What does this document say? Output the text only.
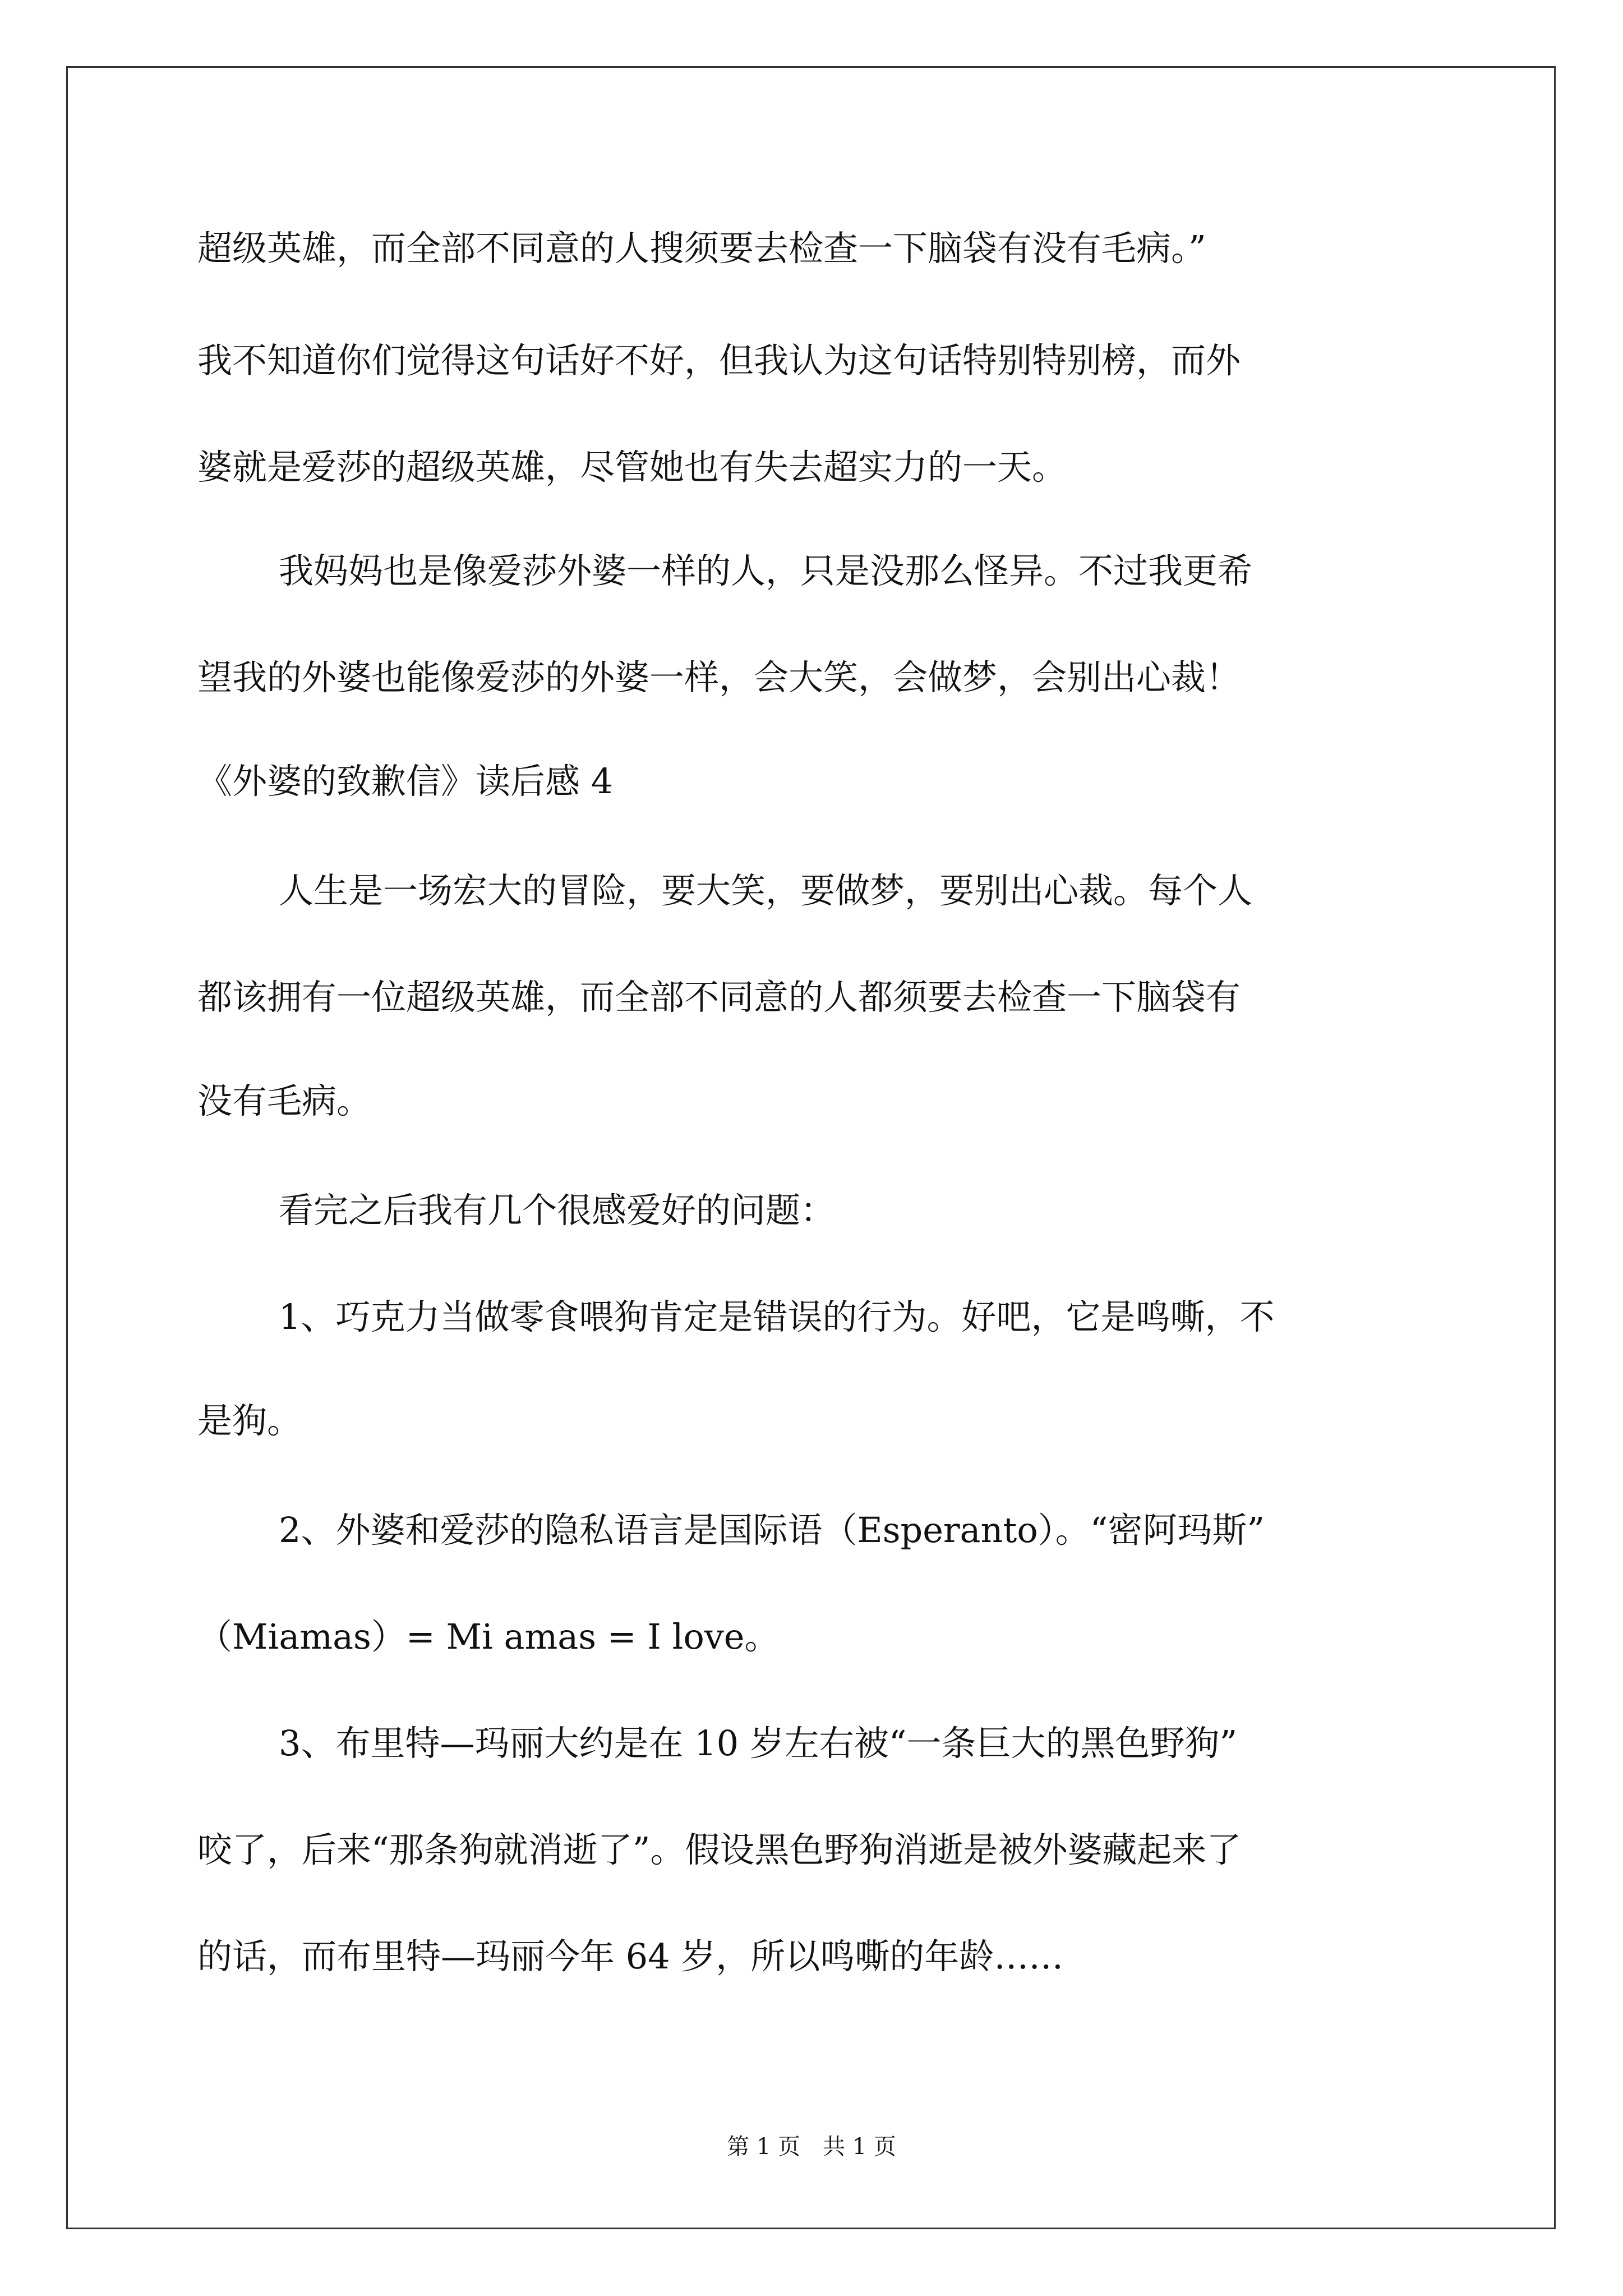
超级英雄，而全部不同意的人搜须要去检查一下脑袋有没有毛病。”
我不知道你们觉得这句话好不好，但我认为这句话特别特别榜，而外
婆就是爱莎的超级英雄，尽管她也有失去超实力的一天。
我妈妈也是像爱莎外婆一样的人，只是没那么怪异。不过我更希
望我的外婆也能像爱莎的外婆一样，会大笑，会做梦，会别出心裁！
《外婆的致歉信》读后感 4
人生是一场宏大的冒险，要大笑，要做梦，要别出心裁。每个人
都该拥有一位超级英雄，而全部不同意的人都须要去检查一下脑袋有
没有毛病。
看完之后我有几个很感爱好的问题：
1、巧克力当做零食喂狗肯定是错误的行为。好吧，它是鸣嘶，不
是狗。
2、外婆和爱莎的隐私语言是国际语（Esperanto）。“密阿玛斯”
（Miamas）= Mi amas = I love。
3、布里特—玛丽大约是在 10 岁左右被“一条巨大的黑色野狗”
咬了，后来“那条狗就消逝了”。假设黑色野狗消逝是被外婆藏起来了
的话，而布里特—玛丽今年 64 岁，所以鸣嘶的年龄……
第 1 页　共 1 页
